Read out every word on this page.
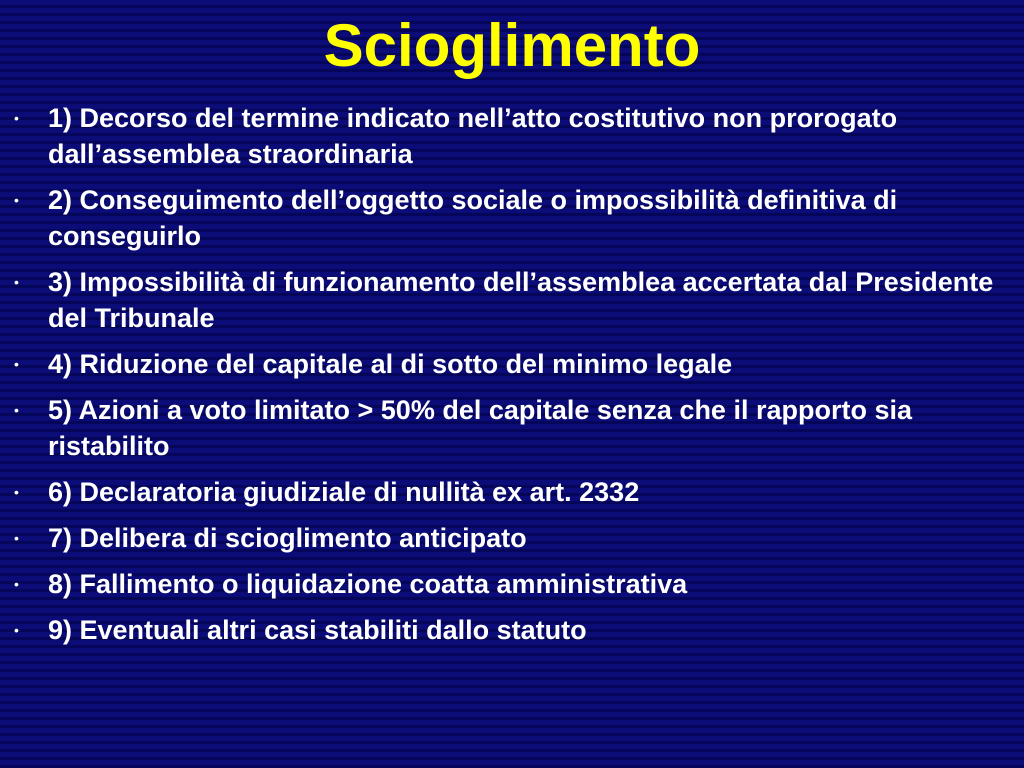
Scioglimento
• 1) Decorso del termine indicato nell’atto costitutivo non prorogato dall’assemblea straordinaria
• 2) Conseguimento dell’oggetto sociale o impossibilità definitiva di conseguirlo
• 3) Impossibilità di funzionamento dell’assemblea accertata dal Presidente del Tribunale
• 4) Riduzione del capitale al di sotto del minimo legale
• 5) Azioni a voto limitato > 50% del capitale senza che il rapporto sia ristabilito
• 6) Declaratoria giudiziale di nullità ex art. 2332
• 7) Delibera di scioglimento anticipato
• 8) Fallimento o liquidazione coatta amministrativa
• 9) Eventuali altri casi stabiliti dallo statuto
